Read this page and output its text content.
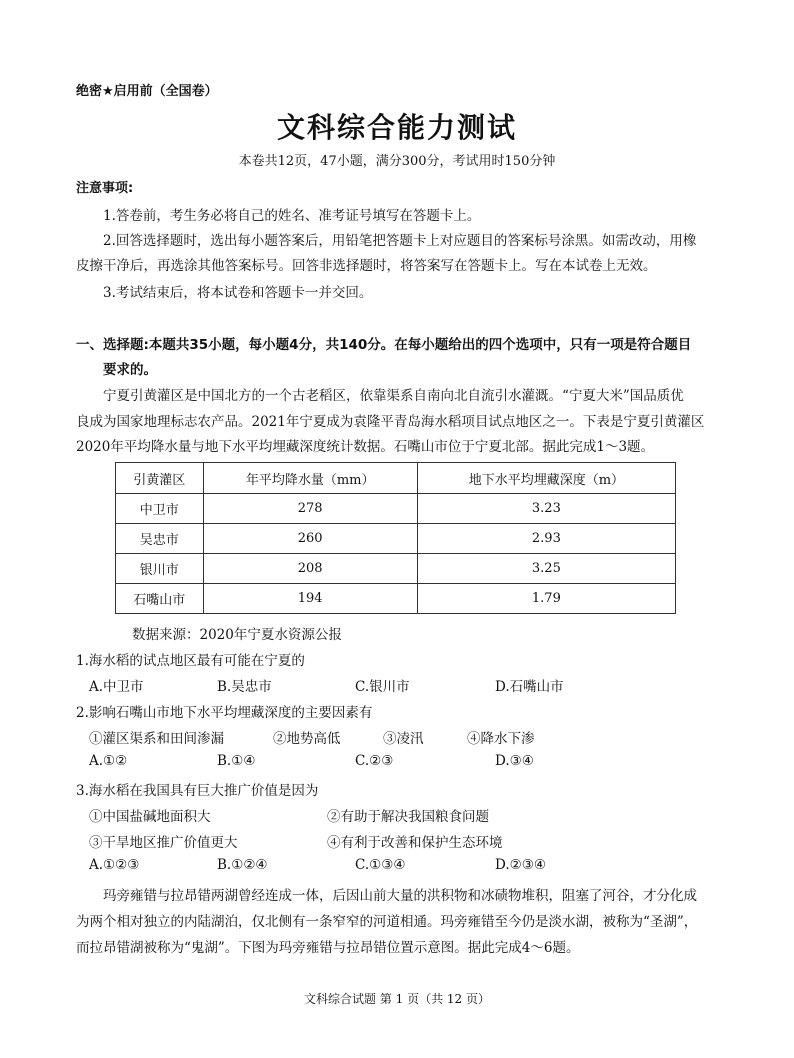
绝密★启用前（全国卷）
文科综合能力测试
本卷共12页，47小题，满分300分，考试用时150分钟
注意事项:
1.答卷前，考生务必将自己的姓名、准考证号填写在答题卡上。
2.回答选择题时，选出每小题答案后，用铅笔把答题卡上对应题目的答案标号涂黑。如需改动，用橡
皮擦干净后，再选涂其他答案标号。回答非选择题时，将答案写在答题卡上。写在本试卷上无效。
3.考试结束后，将本试卷和答题卡一并交回。
一、选择题:本题共35小题，每小题4分，共140分。在每小题给出的四个选项中，只有一项是符合题目
要求的。
宁夏引黄灌区是中国北方的一个古老稻区，依靠渠系自南向北自流引水灌溉。“宁夏大米”国品质优
良成为国家地理标志农产品。2021年宁夏成为袁隆平青岛海水稻项目试点地区之一。下表是宁夏引黄灌区
2020年平均降水量与地下水平均埋藏深度统计数据。石嘴山市位于宁夏北部。据此完成1～3题。
引黄灌区	年平均降水量（mm）	地下水平均埋藏深度（m）
中卫市	278	3.23
吴忠市	260	2.93
银川市	208	3.25
石嘴山市	194	1.79
数据来源：2020年宁夏水资源公报
1.海水稻的试点地区最有可能在宁夏的
A.中卫市	B.吴忠市	C.银川市	D.石嘴山市
2.影响石嘴山市地下水平均埋藏深度的主要因素有
①灌区渠系和田间渗漏	②地势高低	③凌汛	④降水下渗
A.①②	B.①④	C.②③	D.③④
3.海水稻在我国具有巨大推广价值是因为
①中国盐碱地面积大	②有助于解决我国粮食问题
③干旱地区推广价值更大	④有利于改善和保护生态环境
A.①②③	B.①②④	C.①③④	D.②③④
玛旁雍错与拉昂错两湖曾经连成一体，后因山前大量的洪积物和冰碛物堆积，阻塞了河谷，才分化成
为两个相对独立的内陆湖泊，仅北侧有一条窄窄的河道相通。玛旁雍错至今仍是淡水湖，被称为“圣湖”，
而拉昂错湖被称为“鬼湖”。下图为玛旁雍错与拉昂错位置示意图。据此完成4～6题。
文科综合试题 第 1 页（共 12 页）
